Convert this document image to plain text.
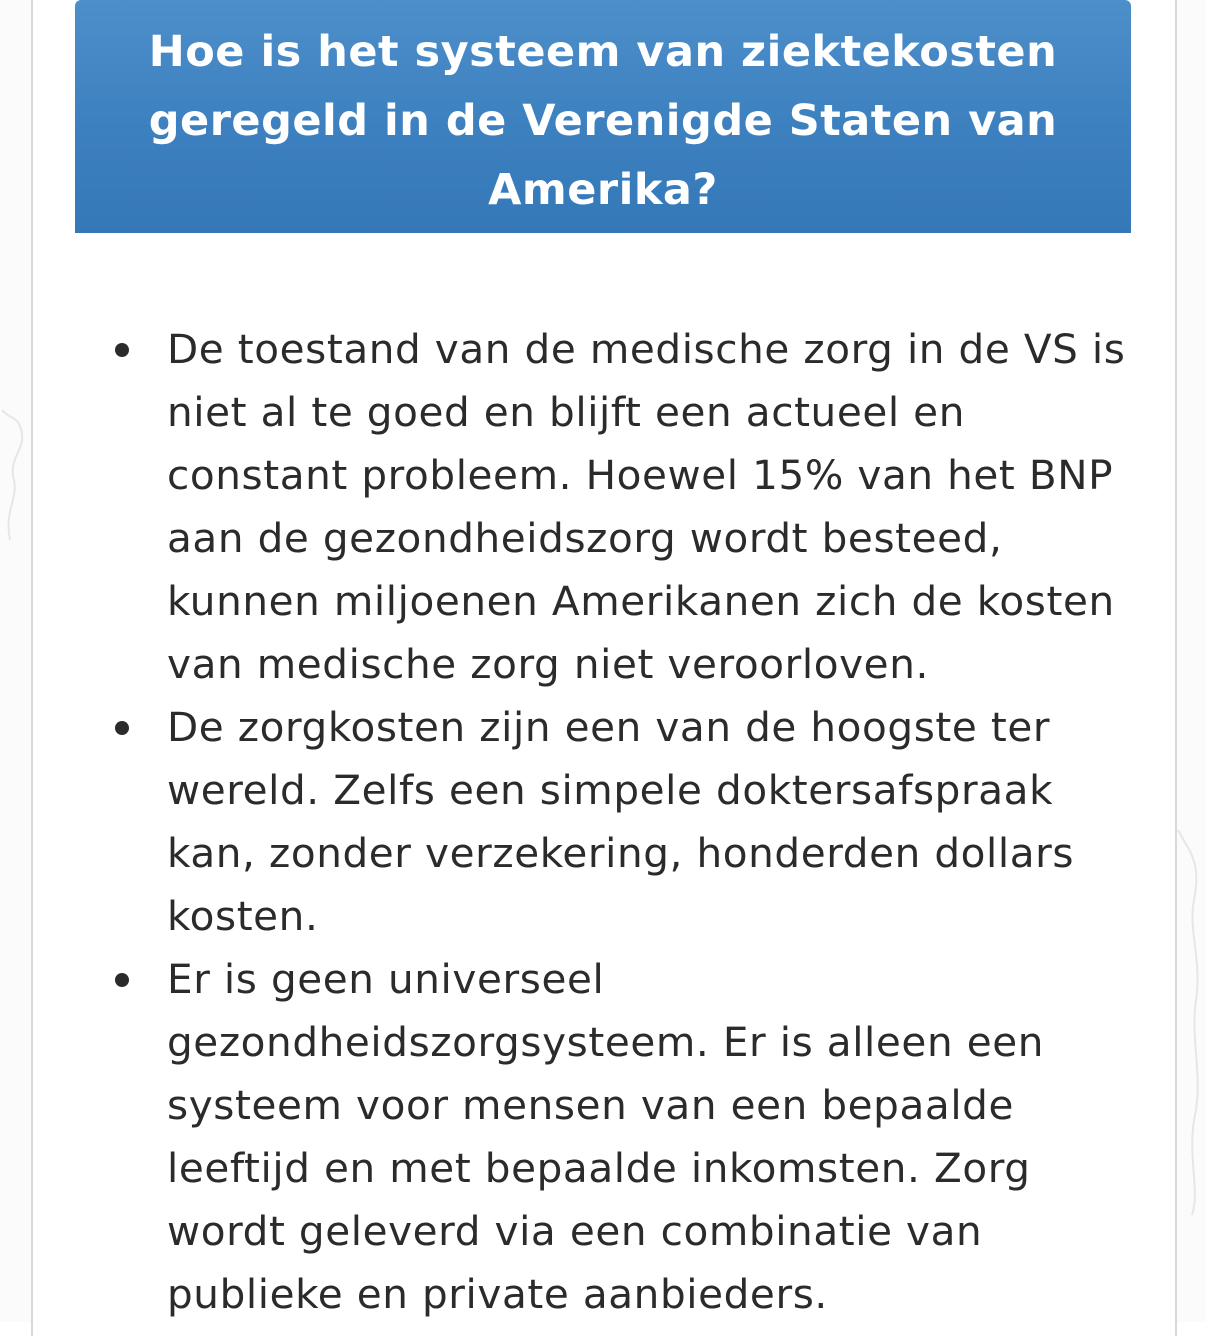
Hoe is het systeem van ziektekosten geregeld in de Verenigde Staten van Amerika?
De toestand van de medische zorg in de VS is niet al te goed en blijft een actueel en constant probleem. Hoewel 15% van het BNP aan de gezondheidszorg wordt besteed, kunnen miljoenen Amerikanen zich de kosten van medische zorg niet veroorloven.
De zorgkosten zijn een van de hoogste ter wereld. Zelfs een simpele doktersafspraak kan, zonder verzekering, honderden dollars kosten.
Er is geen universeel gezondheidszorgsysteem. Er is alleen een systeem voor mensen van een bepaalde leeftijd en met bepaalde inkomsten. Zorg wordt geleverd via een combinatie van publieke en private aanbieders.
